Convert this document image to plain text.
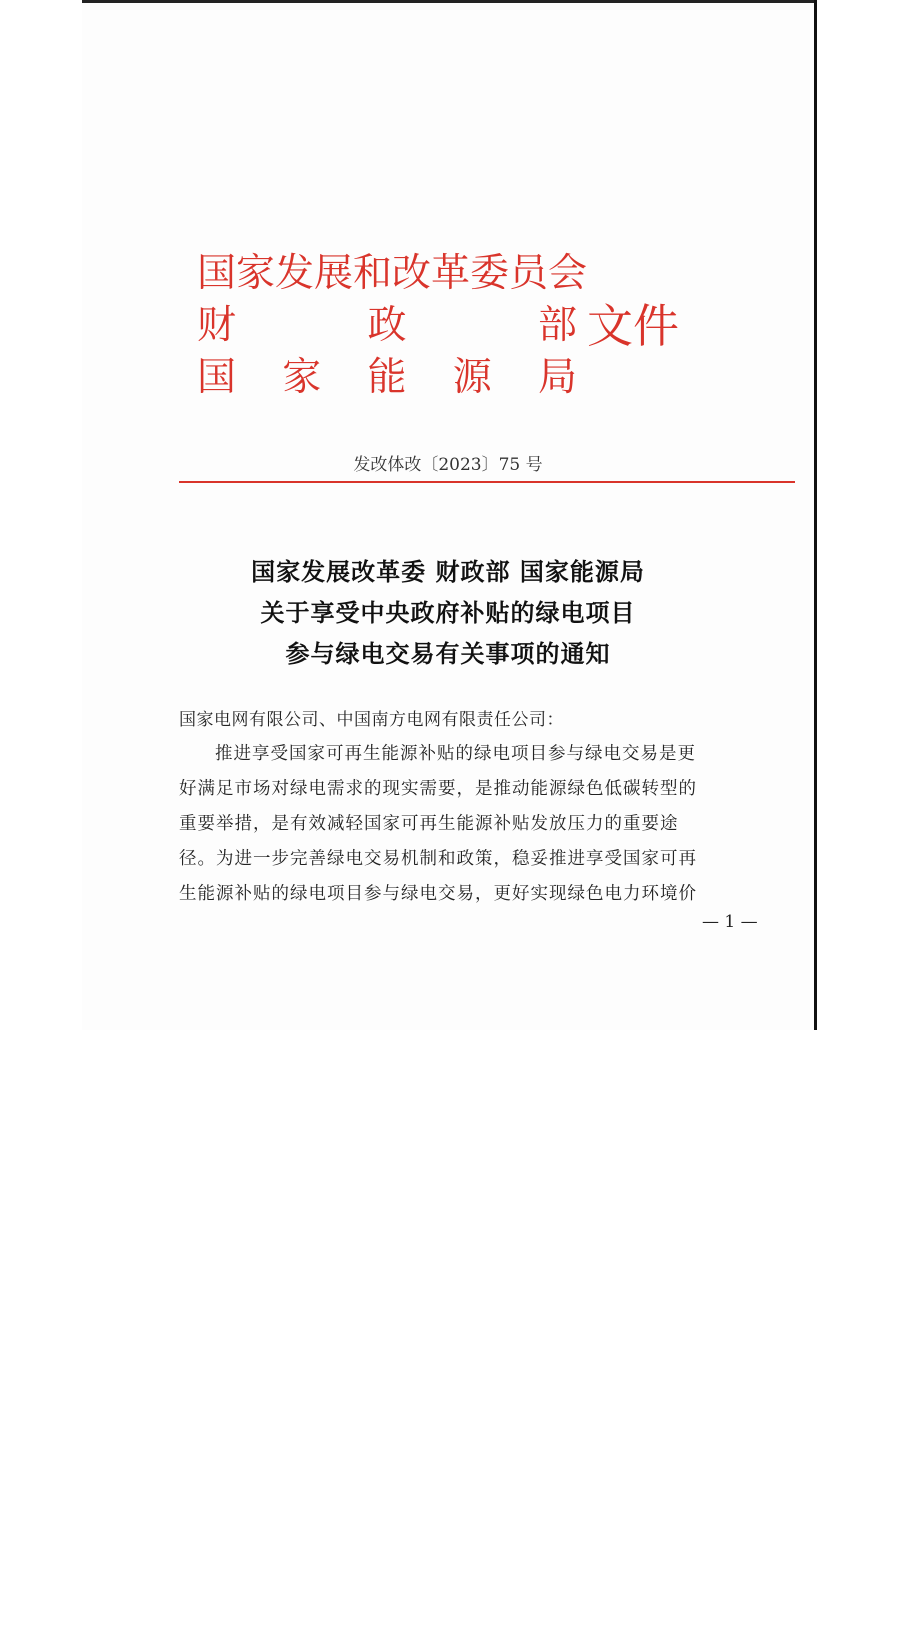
国家发展和改革委员会
财	政	部
国 家 能 源 局
文件
发改体改〔2023〕75 号
国家发展改革委 财政部 国家能源局
关于享受中央政府补贴的绿电项目
参与绿电交易有关事项的通知
国家电网有限公司、中国南方电网有限责任公司：
推进享受国家可再生能源补贴的绿电项目参与绿电交易是更
好满足市场对绿电需求的现实需要，是推动能源绿色低碳转型的
重要举措，是有效减轻国家可再生能源补贴发放压力的重要途
径。为进一步完善绿电交易机制和政策，稳妥推进享受国家可再
生能源补贴的绿电项目参与绿电交易，更好实现绿色电力环境价
— 1 —
